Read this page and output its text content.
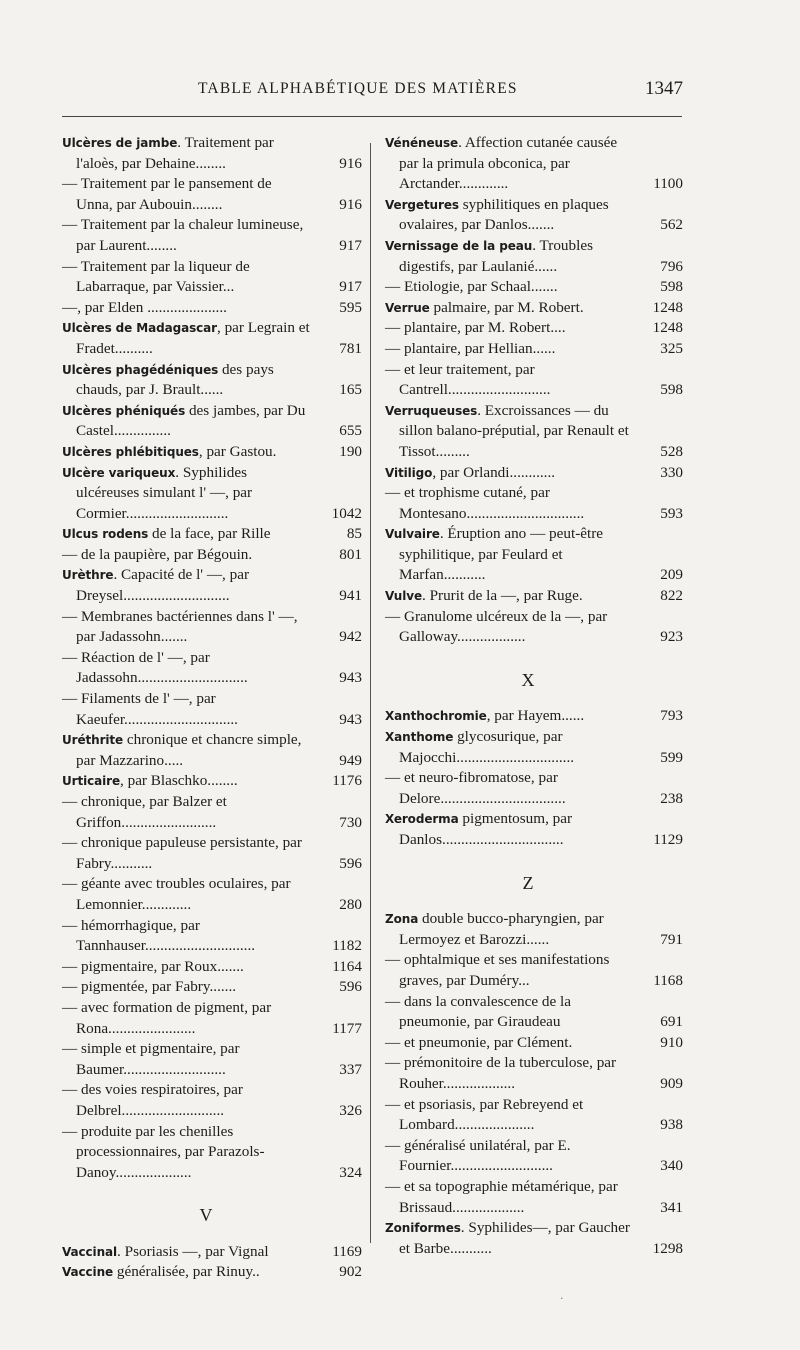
TABLE ALPHABÉTIQUE DES MATIÈRES	1347
Ulcères de jambe. Traitement par l'aloès, par Dehaine........	916
— Traitement par le pansement de Unna, par Aubouin........	916
— Traitement par la chaleur lumineuse, par Laurent........	917
— Traitement par la liqueur de Labarraque, par Vaissier...	917
—, par Elden .....................	595
Ulcères de Madagascar, par Legrain et Fradet..........	781
Ulcères phagédéniques des pays chauds, par J. Brault......	165
Ulcères phéniqués des jambes, par Du Castel...............	655
Ulcères phlébitiques, par Gastou.	190
Ulcère variqueux. Syphilides ulcéreuses simulant l' —, par Cormier...........................	1042
Ulcus rodens de la face, par Rille	85
— de la paupière, par Bégouin.	801
Urèthre. Capacité de l' —, par Dreysel............................	941
— Membranes bactériennes dans l' —, par Jadassohn.......	942
— Réaction de l' —, par Jadassohn.............................	943
— Filaments de l' —, par Kaeufer..............................	943
Uréthrite chronique et chancre simple, par Mazzarino.....	949
Urticaire, par Blaschko........	1176
— chronique, par Balzer et Griffon.........................	730
— chronique papuleuse persistante, par Fabry...........	596
— géante avec troubles oculaires, par Lemonnier.............	280
— hémorrhagique, par Tannhauser.............................	1182
— pigmentaire, par Roux.......	1164
— pigmentée, par Fabry.......	596
— avec formation de pigment, par Rona.......................	1177
— simple et pigmentaire, par Baumer...........................	337
— des voies respiratoires, par Delbrel...........................	326
— produite par les chenilles processionnaires, par Parazols-Danoy....................	324
V
Vaccinal. Psoriasis —, par Vignal	1169
Vaccine généralisée, par Rinuy..	902
Vénéneuse. Affection cutanée causée par la primula obconica, par Arctander.............	1100
Vergetures syphilitiques en plaques ovalaires, par Danlos.......	562
Vernissage de la peau. Troubles digestifs, par Laulanié......	796
— Etiologie, par Schaal.......	598
Verrue palmaire, par M. Robert.	1248
— plantaire, par M. Robert....	1248
— plantaire, par Hellian......	325
— et leur traitement, par Cantrell...........................	598
Verruqueuses. Excroissances — du sillon balano-préputial, par Renault et Tissot.........	528
Vitiligo, par Orlandi............	330
— et trophisme cutané, par Montesano...............................	593
Vulvaire. Éruption ano — peut-être syphilitique, par Feulard et Marfan...........	209
Vulve. Prurit de la —, par Ruge.	822
— Granulome ulcéreux de la —, par Galloway..................	923
X
Xanthochromie, par Hayem......	793
Xanthome glycosurique, par Majocchi...............................	599
— et neuro-fibromatose, par Delore.................................	238
Xeroderma pigmentosum, par Danlos................................	1129
Z
Zona double bucco-pharyngien, par Lermoyez et Barozzi......	791
— ophtalmique et ses manifestations graves, par Duméry...	1168
— dans la convalescence de la pneumonie, par Giraudeau	691
— et pneumonie, par Clément.	910
— prémonitoire de la tuberculose, par Rouher...................	909
— et psoriasis, par Rebreyend et Lombard.....................	938
— généralisé unilatéral, par E. Fournier...........................	340
— et sa topographie métamérique, par Brissaud...................	341
Zoniformes. Syphilides—, par Gaucher et Barbe...........	1298
·
